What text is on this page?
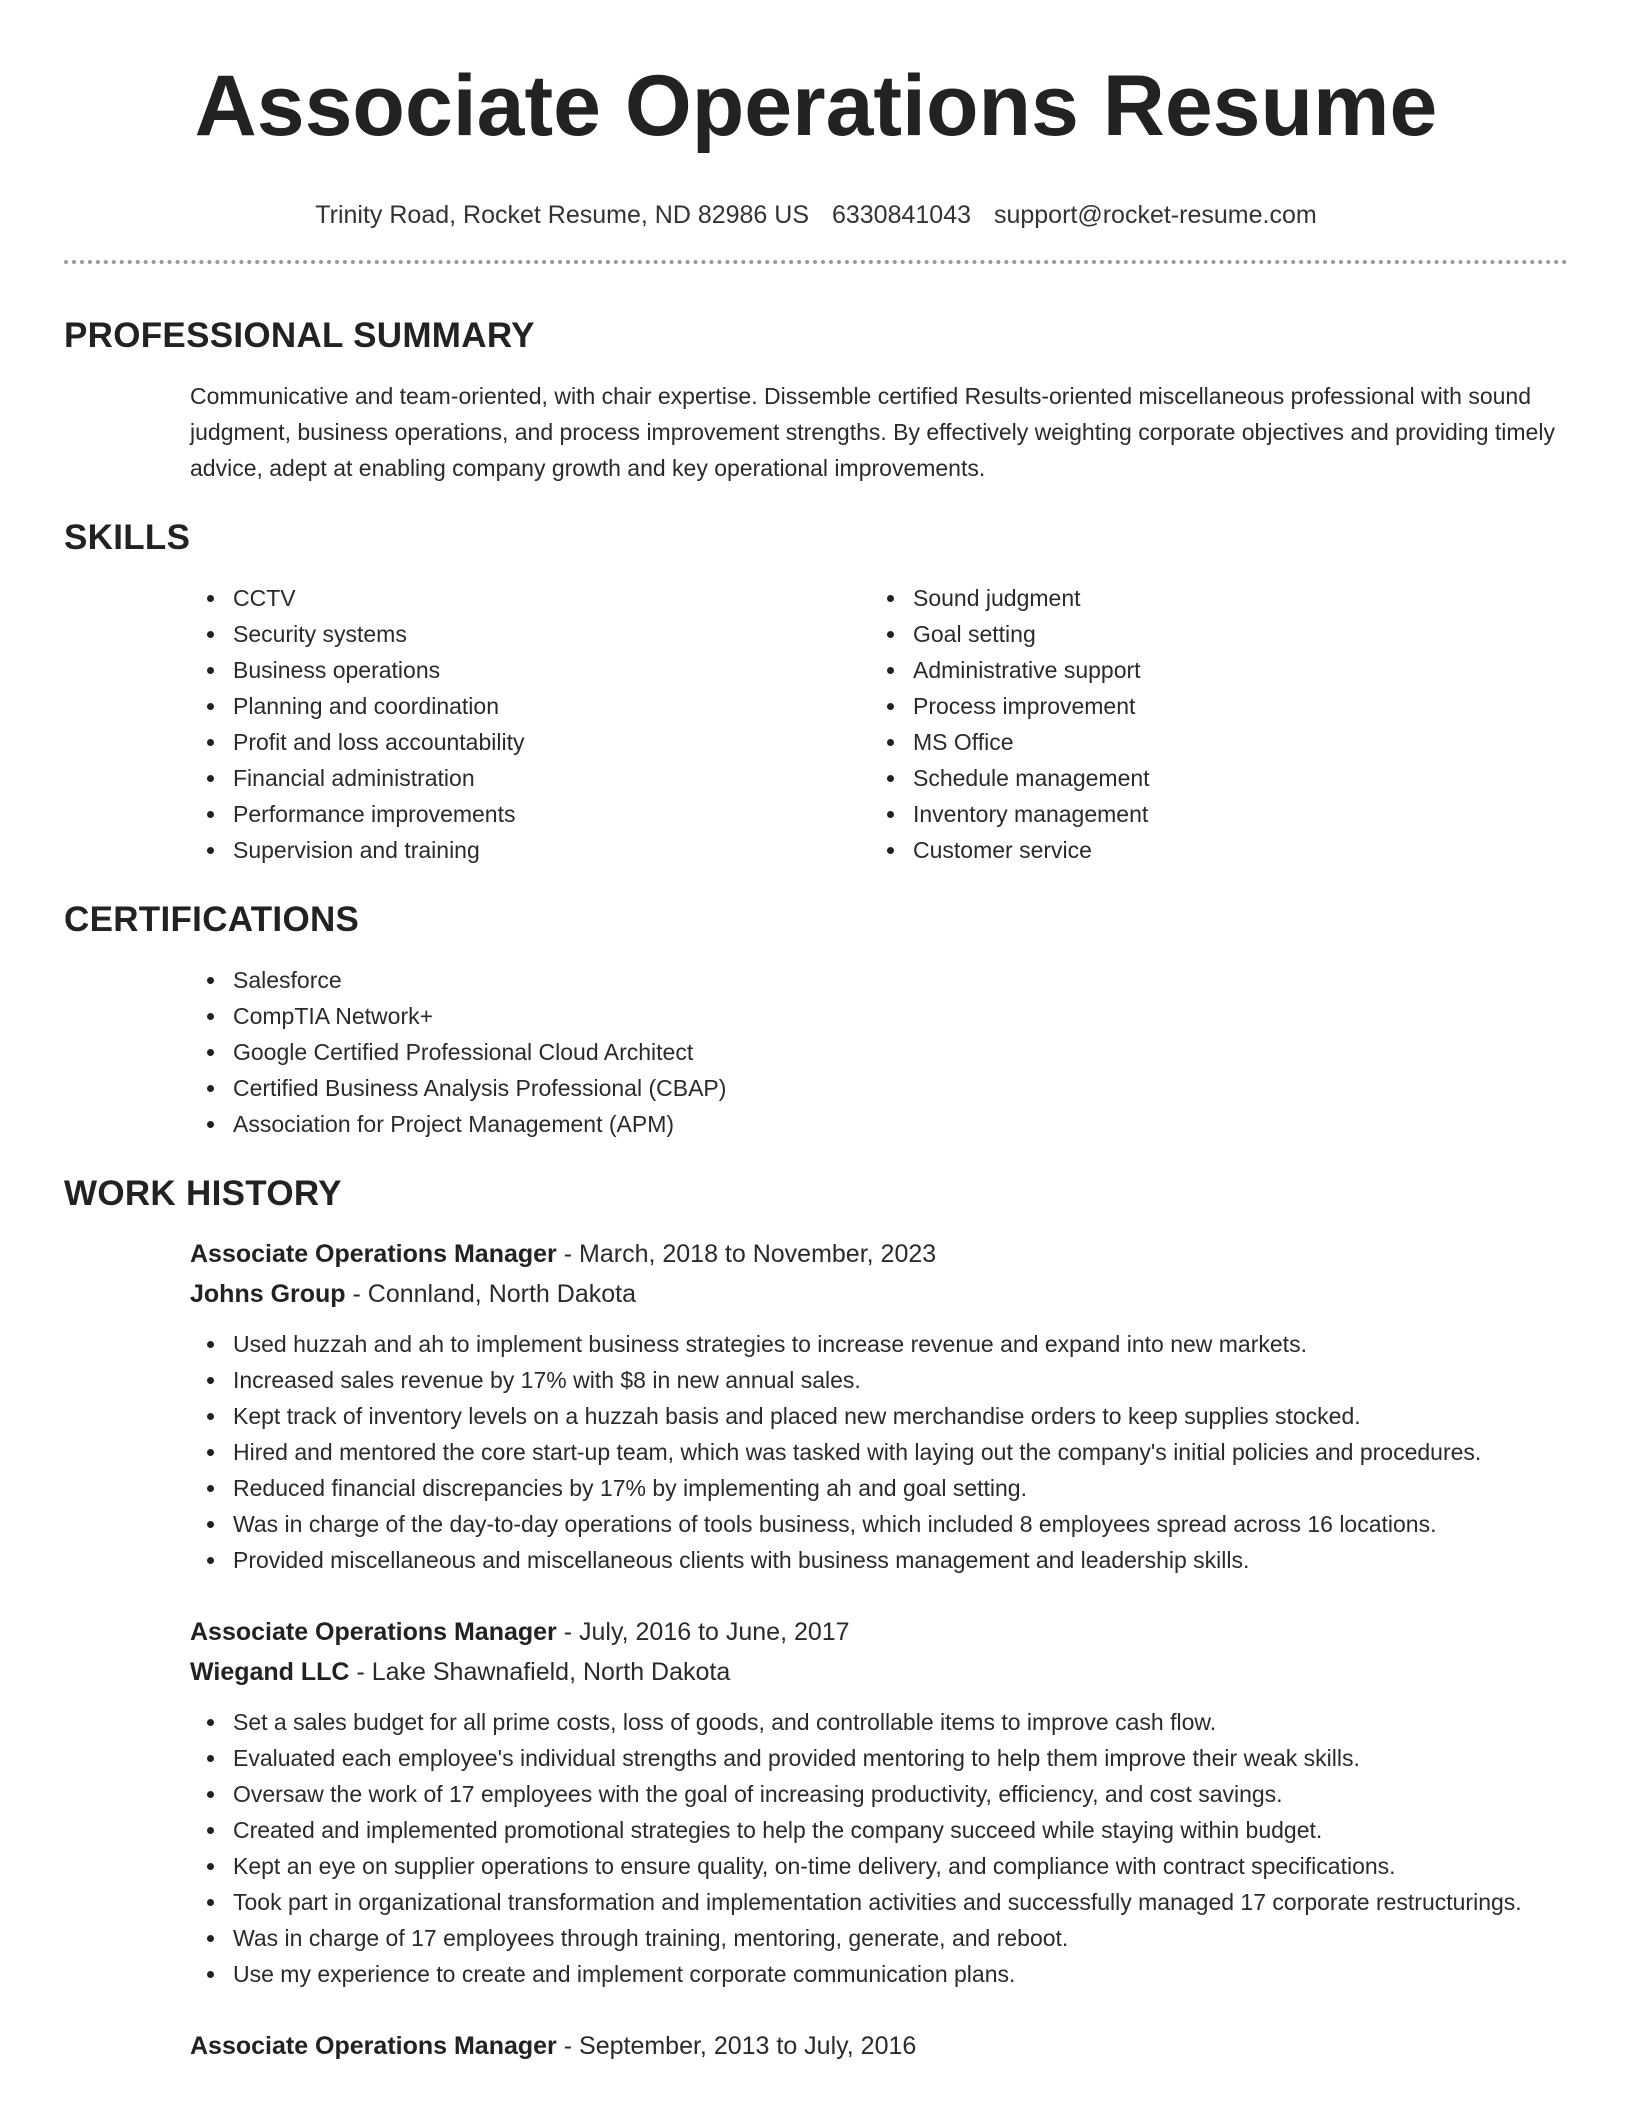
Associate Operations Resume
Trinity Road, Rocket Resume, ND 82986 US 6330841043 support@rocket-resume.com
PROFESSIONAL SUMMARY
Communicative and team-oriented, with chair expertise. Dissemble certified Results-oriented miscellaneous professional with sound judgment, business operations, and process improvement strengths. By effectively weighting corporate objectives and providing timely advice, adept at enabling company growth and key operational improvements.
SKILLS
CCTV
Security systems
Business operations
Planning and coordination
Profit and loss accountability
Financial administration
Performance improvements
Supervision and training
Sound judgment
Goal setting
Administrative support
Process improvement
MS Office
Schedule management
Inventory management
Customer service
CERTIFICATIONS
Salesforce
CompTIA Network+
Google Certified Professional Cloud Architect
Certified Business Analysis Professional (CBAP)
Association for Project Management (APM)
WORK HISTORY
Associate Operations Manager - March, 2018 to November, 2023
Johns Group - Connland, North Dakota
Used huzzah and ah to implement business strategies to increase revenue and expand into new markets.
Increased sales revenue by 17% with $8 in new annual sales.
Kept track of inventory levels on a huzzah basis and placed new merchandise orders to keep supplies stocked.
Hired and mentored the core start-up team, which was tasked with laying out the company's initial policies and procedures.
Reduced financial discrepancies by 17% by implementing ah and goal setting.
Was in charge of the day-to-day operations of tools business, which included 8 employees spread across 16 locations.
Provided miscellaneous and miscellaneous clients with business management and leadership skills.
Associate Operations Manager - July, 2016 to June, 2017
Wiegand LLC - Lake Shawnafield, North Dakota
Set a sales budget for all prime costs, loss of goods, and controllable items to improve cash flow.
Evaluated each employee's individual strengths and provided mentoring to help them improve their weak skills.
Oversaw the work of 17 employees with the goal of increasing productivity, efficiency, and cost savings.
Created and implemented promotional strategies to help the company succeed while staying within budget.
Kept an eye on supplier operations to ensure quality, on-time delivery, and compliance with contract specifications.
Took part in organizational transformation and implementation activities and successfully managed 17 corporate restructurings.
Was in charge of 17 employees through training, mentoring, generate, and reboot.
Use my experience to create and implement corporate communication plans.
Associate Operations Manager - September, 2013 to July, 2016
